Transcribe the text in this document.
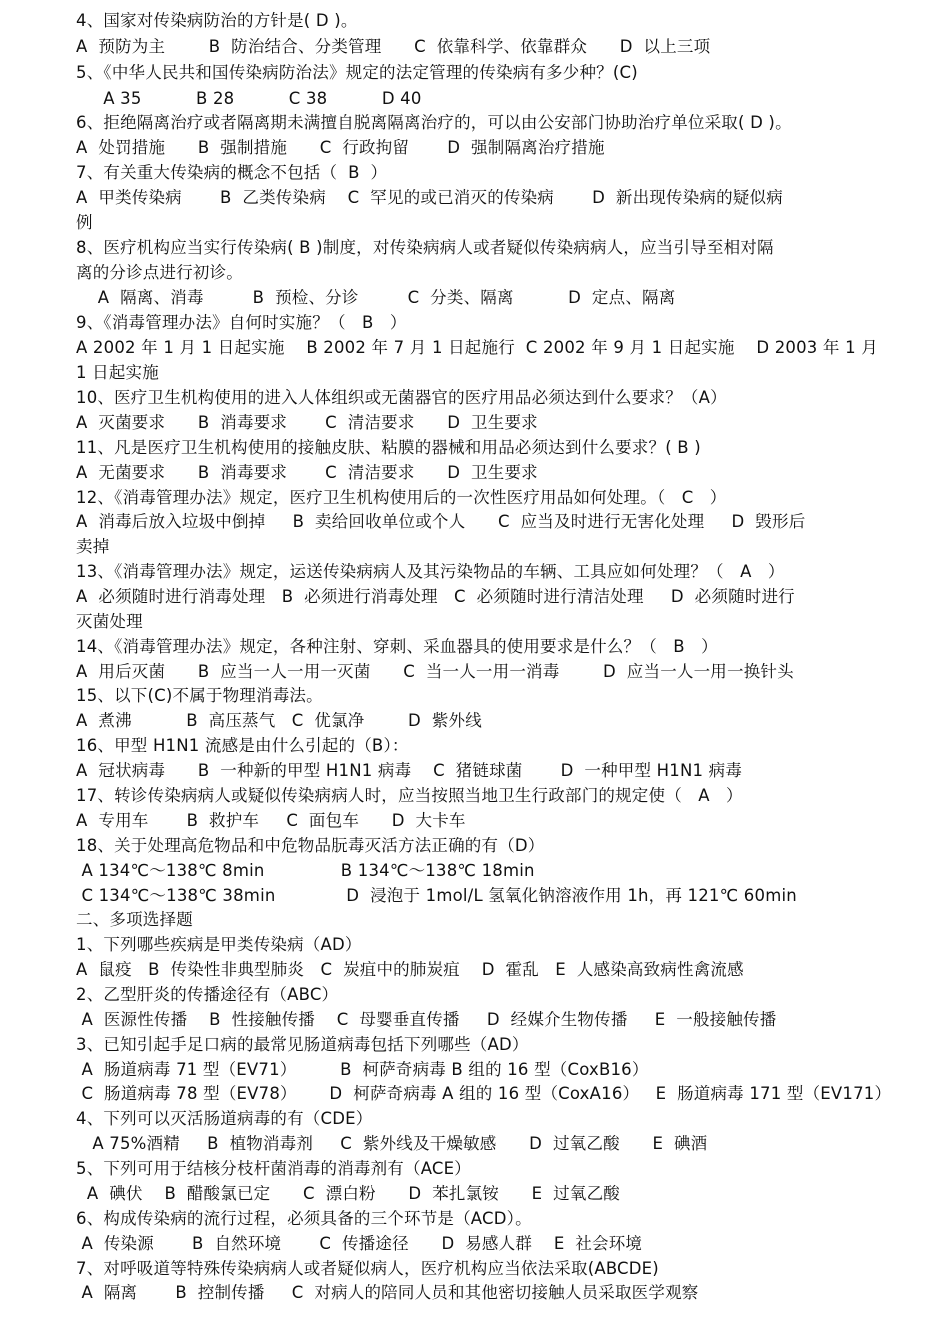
4、国家对传染病防治的方针是( D )。
A  预防为主        B  防治结合、分类管理      C  依靠科学、依靠群众      D  以上三项
5、《中华人民共和国传染病防治法》规定的法定管理的传染病有多少种？(C)
A 35          B 28          C 38          D 40
6、拒绝隔离治疗或者隔离期未满擅自脱离隔离治疗的，可以由公安部门协助治疗单位采取( D )。
A  处罚措施      B  强制措施      C  行政拘留       D  强制隔离治疗措施
7、有关重大传染病的概念不包括（  B  ）
A  甲类传染病       B  乙类传染病    C  罕见的或已消灭的传染病       D  新出现传染病的疑似病
例
8、医疗机构应当实行传染病( B )制度，对传染病病人或者疑似传染病病人，应当引导至相对隔
离的分诊点进行初诊。
A  隔离、消毒         B  预检、分诊         C  分类、隔离          D  定点、隔离
9、《消毒管理办法》自何时实施？（   B   ）
A 2002 年 1 月 1 日起实施    B 2002 年 7 月 1 日起施行  C 2002 年 9 月 1 日起实施    D 2003 年 1 月
1 日起实施
10、医疗卫生机构使用的进入人体组织或无菌器官的医疗用品必须达到什么要求？（A）
A  灭菌要求      B  消毒要求       C  清洁要求      D  卫生要求
11、凡是医疗卫生机构使用的接触皮肤、粘膜的器械和用品必须达到什么要求？( B )
A  无菌要求      B  消毒要求       C  清洁要求      D  卫生要求
12、《消毒管理办法》规定，医疗卫生机构使用后的一次性医疗用品如何处理。（   C   ）
A  消毒后放入垃圾中倒掉     B  卖给回收单位或个人      C  应当及时进行无害化处理     D  毁形后
卖掉
13、《消毒管理办法》规定，运送传染病病人及其污染物品的车辆、工具应如何处理？（   A   ）
A  必须随时进行消毒处理   B  必须进行消毒处理   C  必须随时进行清洁处理     D  必须随时进行
灭菌处理
14、《消毒管理办法》规定，各种注射、穿刺、采血器具的使用要求是什么？（   B   ）
A  用后灭菌      B  应当一人一用一灭菌      C  当一人一用一消毒        D  应当一人一用一换针头
15、以下(C)不属于物理消毒法。
A  煮沸          B  高压蒸气   C  优氯净        D  紫外线
16、甲型 H1N1 流感是由什么引起的（B）：
A  冠状病毒      B  一种新的甲型 H1N1 病毒    C  猪链球菌       D  一种甲型 H1N1 病毒
17、转诊传染病病人或疑似传染病病人时，应当按照当地卫生行政部门的规定使（   A   ）
A  专用车       B  救护车     C  面包车      D  大卡车
18、关于处理高危物品和中危物品朊毒灭活方法正确的有（D）
A 134℃～138℃ 8min              B 134℃～138℃ 18min
C 134℃～138℃ 38min             D  浸泡于 1mol/L 氢氧化钠溶液作用 1h，再 121℃ 60min
二、多项选择题
1、下列哪些疾病是甲类传染病（AD）
A  鼠疫   B  传染性非典型肺炎   C  炭疽中的肺炭疽    D  霍乱   E  人感染高致病性禽流感
2、乙型肝炎的传播途径有（ABC）
A  医源性传播    B  性接触传播    C  母婴垂直传播     D  经媒介生物传播     E  一般接触传播
3、已知引起手足口病的最常见肠道病毒包括下列哪些（AD）
A  肠道病毒 71 型（EV71）        B  柯萨奇病毒 B 组的 16 型（CoxB16）
C  肠道病毒 78 型（EV78）      D  柯萨奇病毒 A 组的 16 型（CoxA16）   E  肠道病毒 171 型（EV171）
4、下列可以灭活肠道病毒的有（CDE）
A 75%酒精     B  植物消毒剂     C  紫外线及干燥敏感      D  过氧乙酸      E  碘酒
5、下列可用于结核分枝杆菌消毒的消毒剂有（ACE）
A  碘伏    B  醋酸氯已定      C  漂白粉      D  苯扎氯铵      E  过氧乙酸
6、构成传染病的流行过程，必须具备的三个环节是（ACD）。
A  传染源       B  自然环境       C  传播途径      D  易感人群    E  社会环境
7、对呼吸道等特殊传染病病人或者疑似病人，医疗机构应当依法采取(ABCDE)
A  隔离       B  控制传播     C  对病人的陪同人员和其他密切接触人员采取医学观察
